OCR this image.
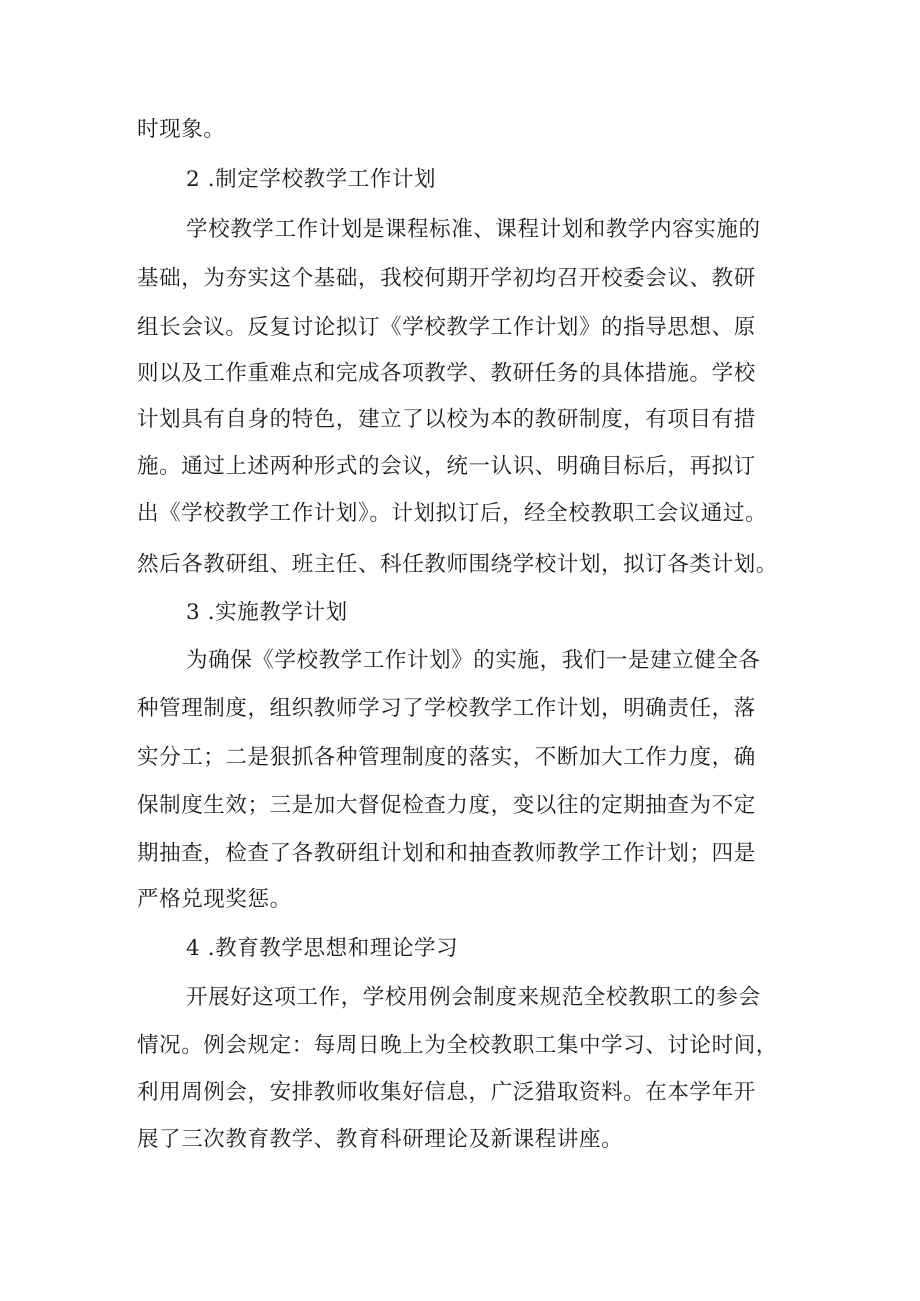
时现象。
2 .制定学校教学工作计划
学校教学工作计划是课程标准、课程计划和教学内容实施的
基础，为夯实这个基础，我校何期开学初均召开校委会议、教研
组长会议。反复讨论拟订《学校教学工作计划》的指导思想、原
则以及工作重难点和完成各项教学、教研任务的具体措施。学校
计划具有自身的特色，建立了以校为本的教研制度，有项目有措
施。通过上述两种形式的会议，统一认识、明确目标后，再拟订
出《学校教学工作计划》。计划拟订后，经全校教职工会议通过。
然后各教研组、班主任、科任教师围绕学校计划，拟订各类计划。
3 .实施教学计划
为确保《学校教学工作计划》的实施，我们一是建立健全各
种管理制度，组织教师学习了学校教学工作计划，明确责任，落
实分工；二是狠抓各种管理制度的落实，不断加大工作力度，确
保制度生效；三是加大督促检查力度，变以往的定期抽查为不定
期抽查，检查了各教研组计划和和抽查教师教学工作计划；四是
严格兑现奖惩。
4 .教育教学思想和理论学习
开展好这项工作，学校用例会制度来规范全校教职工的参会
情况。例会规定：每周日晚上为全校教职工集中学习、讨论时间，
利用周例会，安排教师收集好信息，广泛猎取资料。在本学年开
展了三次教育教学、教育科研理论及新课程讲座。
